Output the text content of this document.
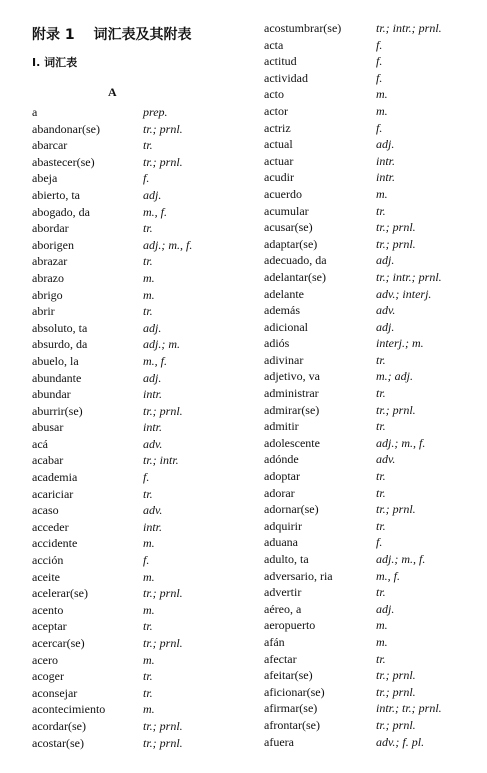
附录 1　 词汇表及其附表
I. 词汇表
A
a	prep.
abandonar(se)	tr.; prnl.
abarcar	tr.
abastecer(se)	tr.; prnl.
abeja	f.
abierto, ta	adj.
abogado, da	m., f.
abordar	tr.
aborigen	adj.; m., f.
abrazar	tr.
abrazo	m.
abrigo	m.
abrir	tr.
absoluto, ta	adj.
absurdo, da	adj.; m.
abuelo, la	m., f.
abundante	adj.
abundar	intr.
aburrir(se)	tr.; prnl.
abusar	intr.
acá	adv.
acabar	tr.; intr.
academia	f.
acariciar	tr.
acaso	adv.
acceder	intr.
accidente	m.
acción	f.
aceite	m.
acelerar(se)	tr.; prnl.
acento	m.
aceptar	tr.
acercar(se)	tr.; prnl.
acero	m.
acoger	tr.
aconsejar	tr.
acontecimiento	m.
acordar(se)	tr.; prnl.
acostar(se)	tr.; prnl.
acostumbrar(se)	tr.; intr.; prnl.
acta	f.
actitud	f.
actividad	f.
acto	m.
actor	m.
actriz	f.
actual	adj.
actuar	intr.
acudir	intr.
acuerdo	m.
acumular	tr.
acusar(se)	tr.; prnl.
adaptar(se)	tr.; prnl.
adecuado, da	adj.
adelantar(se)	tr.; intr.; prnl.
adelante	adv.; interj.
además	adv.
adicional	adj.
adiós	interj.; m.
adivinar	tr.
adjetivo, va	m.; adj.
administrar	tr.
admirar(se)	tr.; prnl.
admitir	tr.
adolescente	adj.; m., f.
adónde	adv.
adoptar	tr.
adorar	tr.
adornar(se)	tr.; prnl.
adquirir	tr.
aduana	f.
adulto, ta	adj.; m., f.
adversario, ria	m., f.
advertir	tr.
aéreo, a	adj.
aeropuerto	m.
afán	m.
afectar	tr.
afeitar(se)	tr.; prnl.
aficionar(se)	tr.; prnl.
afirmar(se)	intr.; tr.; prnl.
afrontar(se)	tr.; prnl.
afuera	adv.; f. pl.
